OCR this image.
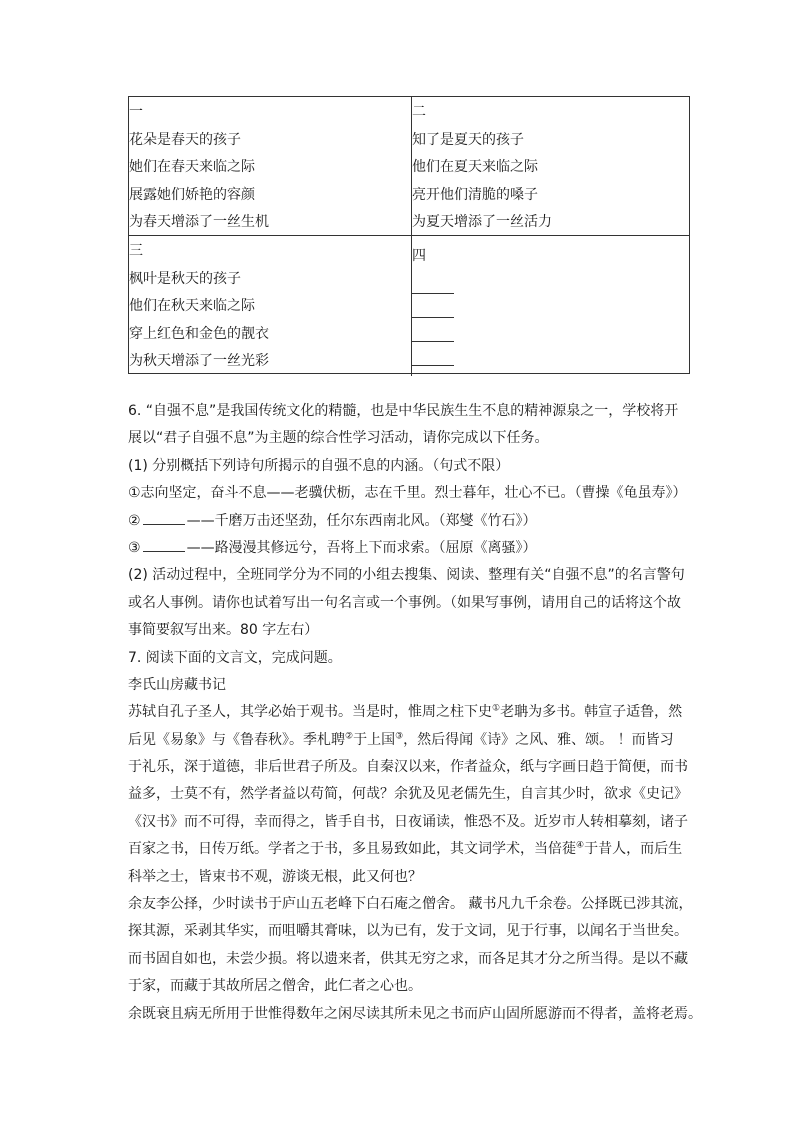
一
花朵是春天的孩子
她们在春天来临之际
展露她们娇艳的容颜
为春天增添了一丝生机
二
知了是夏天的孩子
他们在夏天来临之际
亮开他们清脆的嗓子
为夏天增添了一丝活力
三
枫叶是秋天的孩子
他们在秋天来临之际
穿上红色和金色的靓衣
为秋天增添了一丝光彩
四
6. “自强不息”是我国传统文化的精髓，也是中华民族生生不息的精神源泉之一，学校将开
展以“君子自强不息”为主题的综合性学习活动，请你完成以下任务。
(1) 分别概括下列诗句所揭示的自强不息的内涵。（句式不限）
①志向坚定，奋斗不息——老骥伏枥，志在千里。烈士暮年，壮心不已。（曹操《龟虽寿》）
②	——千磨万击还坚劲，任尔东西南北风。（郑燮《竹石》）
③	——路漫漫其修远兮，吾将上下而求索。（屈原《离骚》）
(2) 活动过程中，全班同学分为不同的小组去搜集、阅读、整理有关“自强不息”的名言警句
或名人事例。请你也试着写出一句名言或一个事例。（如果写事例，请用自己的话将这个故
事简要叙写出来。80 字左右）
7. 阅读下面的文言文，完成问题。
李氏山房藏书记
苏轼自孔子圣人，其学必始于观书。当是时，惟周之柱下史①老聃为多书。韩宣子适鲁，然
后见《易象》与《鲁春秋》。季札聘②于上国③，然后得闻《诗》之风、雅、颂。 ！而皆习
于礼乐，深于道德，非后世君子所及。自秦汉以来，作者益众，纸与字画日趋于简便，而书
益多，士莫不有，然学者益以苟简，何哉？余犹及见老儒先生，自言其少时，欲求《史记》
《汉书》而不可得，幸而得之，皆手自书，日夜诵读，惟恐不及。近岁市人转相摹刻，诸子
百家之书，日传万纸。学者之于书，多且易致如此，其文词学术，当倍蓰④于昔人，而后生
科举之士，皆束书不观，游谈无根，此又何也？
余友李公择，少时读书于庐山五老峰下白石庵之僧舍。 藏书凡九千余卷。公择既已涉其流，
探其源，采剥其华实，而咀嚼其膏味，以为已有，发于文词，见于行事，以闻名于当世矣。
而书固自如也，未尝少损。将以遗来者，供其无穷之求，而各足其才分之所当得。是以不藏
于家，而藏于其故所居之僧舍，此仁者之心也。
余既衰且病无所用于世惟得数年之闲尽读其所未见之书而庐山固所愿游而不得者，盖将老焉。
